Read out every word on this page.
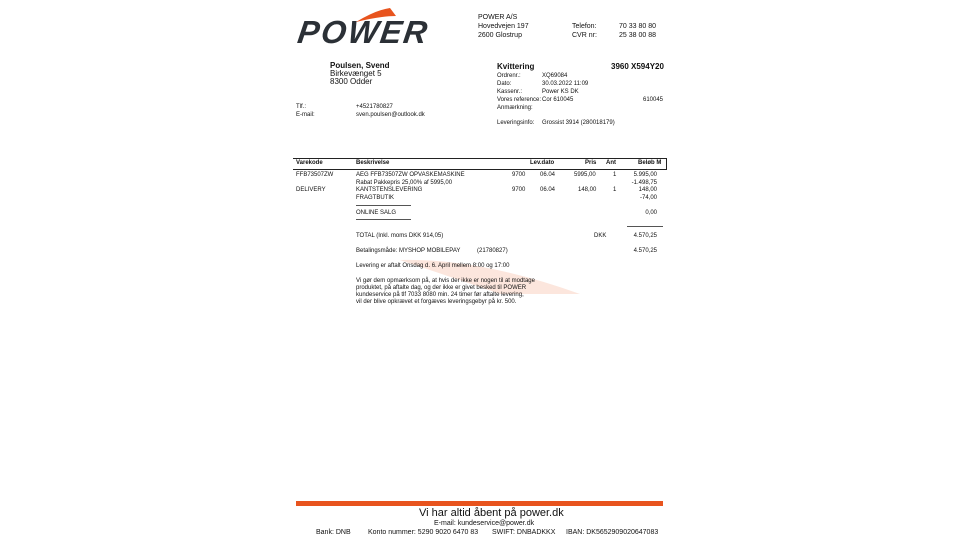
POWER	POWER A/S
Hovedvejen 197
2600 Glostrup
Telefon:	70 33 80 80
CVR nr:	25 38 00 88
Poulsen, Svend
Birkevænget 5
8300 Odder
Tlf.:	+4521780827
E-mail:	sven.poulsen@outlook.dk
Kvittering	3960 X594Y20
Ordrenr.:	XQ69084
Dato:	30.03.2022 11:09
Kassenr.:	Power KS DK
Vores reference: Cor 610045	610045
Anmærkning:
Leveringsinfo: Grossist 3914 (280018179)
Varekode	Beskrivelse	Lev.dato	Pris Ant	Beløb M
FFB73507ZW	AEG FFB73507ZW OPVASKEMASKINE	9700 06.04	5995,00	1	5.995,00
Rabat Pakkepris 25,00% af 5995,00	-1.498,75
DELIVERY	KANTSTENSLEVERING	9700 06.04	148,00	1	148,00
FRAGTBUTIK	-74,00
ONLINE SALG	0,00
TOTAL (Inkl. moms DKK 914,05)	DKK	4.570,25
Betalingsmåde: MYSHOP MOBILEPAY	(21780827)	4.570,25
Levering er aftalt Onsdag d. 6. April mellem 8:00 og 17:00
Vi gør dem opmærksom på, at hvis der ikke er nogen til at modtage
produktet, på aftalte dag, og der ikke er givet besked til POWER
kundeservice på tlf 7033 8080 min. 24 timer før aftalte levering,
vil der blive opkrævet et forgæves leveringsgebyr på kr. 500.
Vi har altid åbent på power.dk
E-mail: kundeservice@power.dk
Bank: DNB Konto nummer: 5290 9020 6470 83 SWIFT: DNBADKKX IBAN: DK5652909020647083
